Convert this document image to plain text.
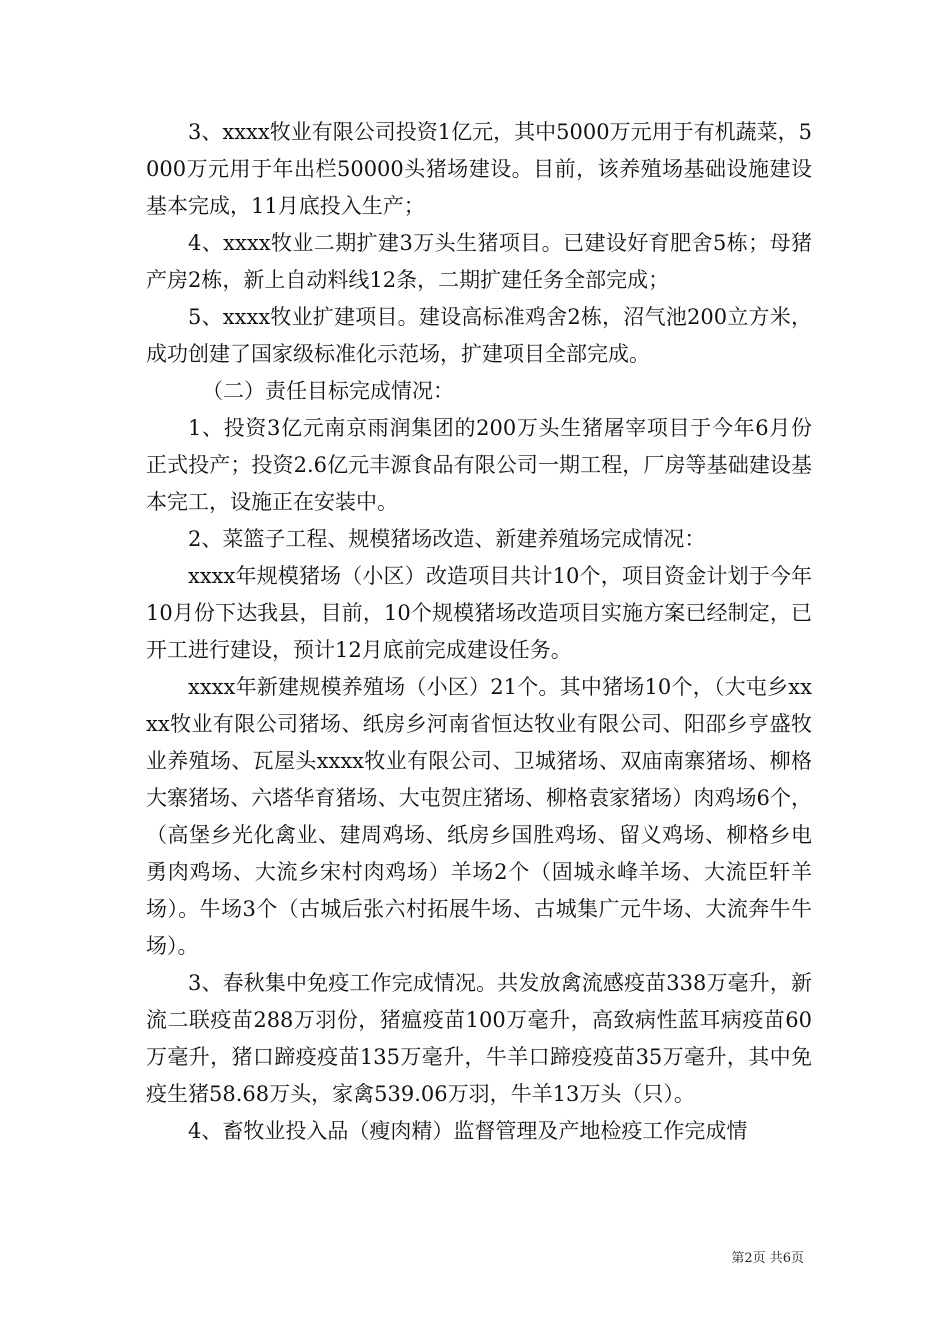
3、xxxx牧业有限公司投资1亿元，其中5000万元用于有机蔬菜，5000万元用于年出栏50000头猪场建设。目前，该养殖场基础设施建设基本完成，11月底投入生产；

4、xxxx牧业二期扩建3万头生猪项目。已建设好育肥舍5栋；母猪产房2栋，新上自动料线12条，二期扩建任务全部完成；

5、xxxx牧业扩建项目。建设高标准鸡舍2栋，沼气池200立方米，成功创建了国家级标准化示范场，扩建项目全部完成。

（二）责任目标完成情况：

1、投资3亿元南京雨润集团的200万头生猪屠宰项目于今年6月份正式投产；投资2.6亿元丰源食品有限公司一期工程，厂房等基础建设基本完工，设施正在安装中。

2、菜篮子工程、规模猪场改造、新建养殖场完成情况：

xxxx年规模猪场（小区）改造项目共计10个，项目资金计划于今年10月份下达我县，目前，10个规模猪场改造项目实施方案已经制定，已开工进行建设，预计12月底前完成建设任务。

xxxx年新建规模养殖场（小区）21个。其中猪场10个，（大屯乡xxxx牧业有限公司猪场、纸房乡河南省恒达牧业有限公司、阳邵乡亨盛牧业养殖场、瓦屋头xxxx牧业有限公司、卫城猪场、双庙南寨猪场、柳格大寨猪场、六塔华育猪场、大屯贺庄猪场、柳格袁家猪场）肉鸡场6个，（高堡乡光化禽业、建周鸡场、纸房乡国胜鸡场、留义鸡场、柳格乡电勇肉鸡场、大流乡宋村肉鸡场）羊场2个（固城永峰羊场、大流臣轩羊场）。牛场3个（古城后张六村拓展牛场、古城集广元牛场、大流奔牛牛场）。

3、春秋集中免疫工作完成情况。共发放禽流感疫苗338万毫升，新流二联疫苗288万羽份，猪瘟疫苗100万毫升，高致病性蓝耳病疫苗60万毫升，猪口蹄疫疫苗135万毫升，牛羊口蹄疫疫苗35万毫升，其中免疫生猪58.68万头，家禽539.06万羽，牛羊13万头（只）。

4、畜牧业投入品（瘦肉精）监督管理及产地检疫工作完成情

第2页 共6页
